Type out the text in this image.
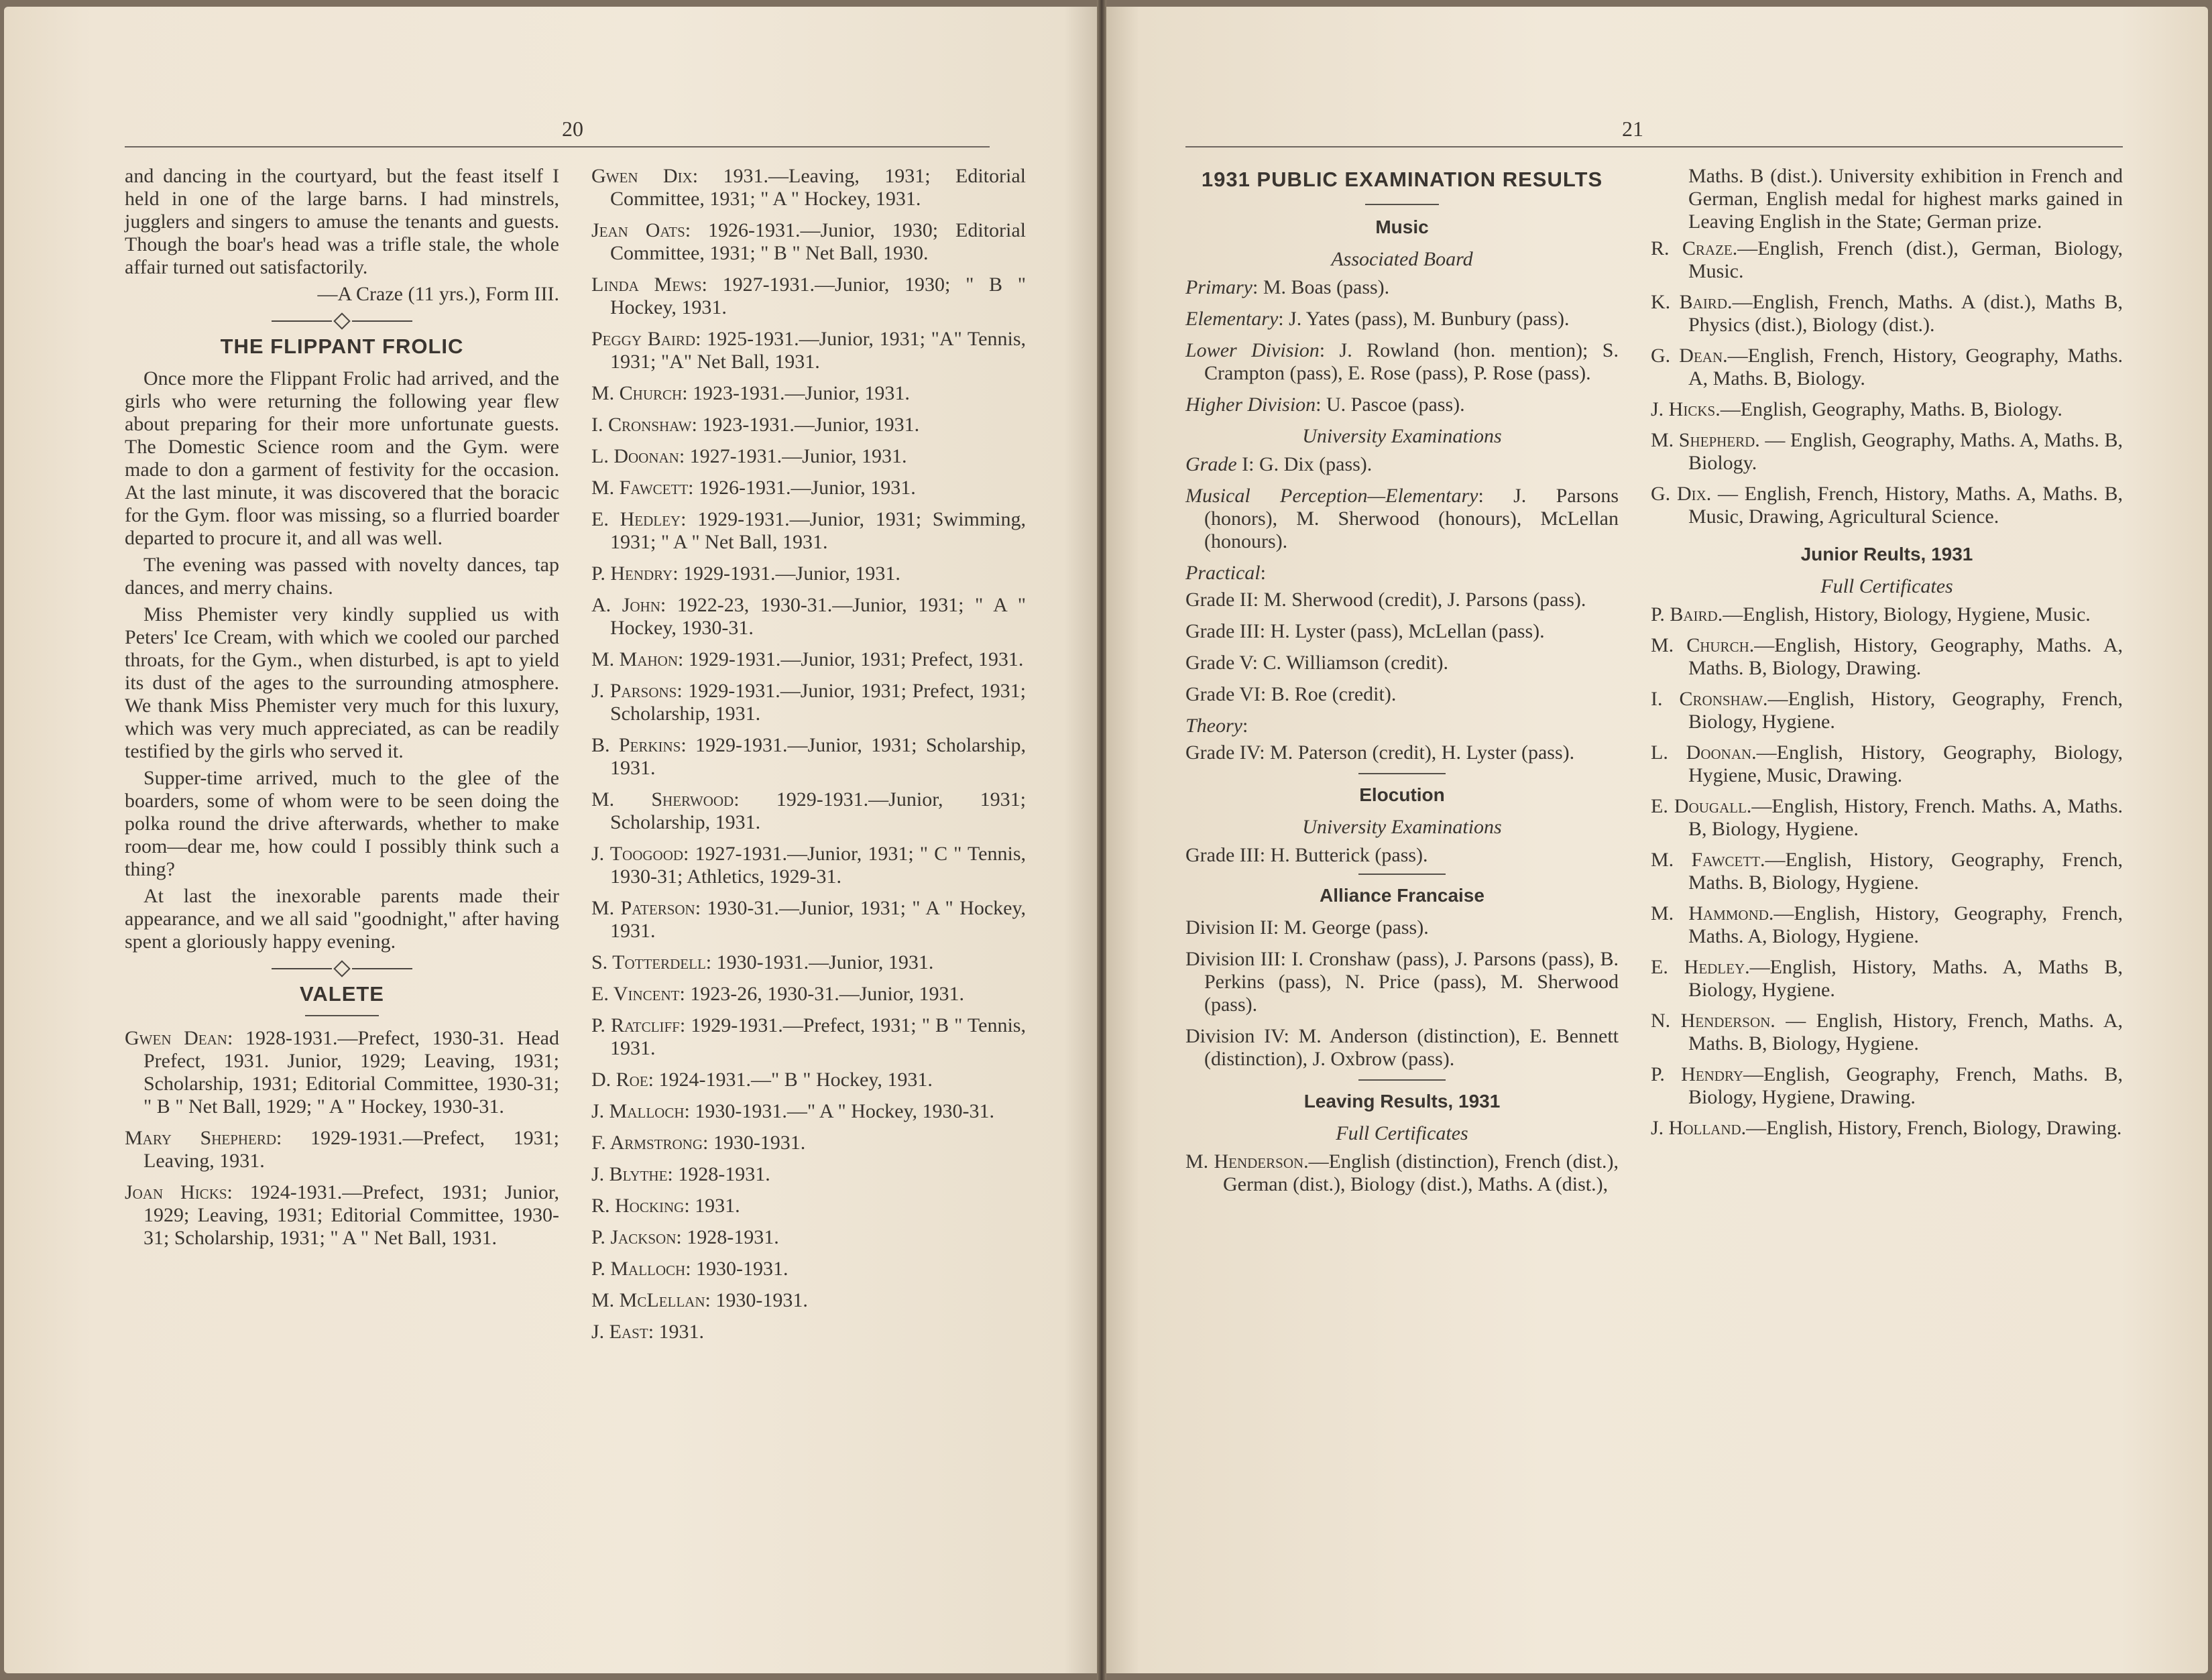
20

and dancing in the courtyard, but the feast itself I held in one of the large barns. I had minstrels, jugglers and singers to amuse the tenants and guests. Though the boar's head was a trifle stale, the whole affair turned out satisfactorily.

—A Craze (11 yrs.), Form III.

THE FLIPPANT FROLIC

Once more the Flippant Frolic had arrived, and the girls who were returning the following year flew about preparing for their more unfortunate guests. The Domestic Science room and the Gym. were made to don a garment of festivity for the occasion. At the last minute, it was discovered that the boracic for the Gym. floor was missing, so a flurried boarder departed to procure it, and all was well.

The evening was passed with novelty dances, tap dances, and merry chains.

Miss Phemister very kindly supplied us with Peters' Ice Cream, with which we cooled our parched throats, for the Gym., when disturbed, is apt to yield its dust of the ages to the surrounding atmosphere. We thank Miss Phemister very much for this luxury, which was very much appreciated, as can be readily testified by the girls who served it.

Supper-time arrived, much to the glee of the boarders, some of whom were to be seen doing the polka round the drive afterwards, whether to make room—dear me, how could I possibly think such a thing?

At last the inexorable parents made their appearance, and we all said "goodnight," after having spent a gloriously happy evening.

VALETE

Gwen Dean: 1928-1931.—Prefect, 1930-31. Head Prefect, 1931. Junior, 1929; Leaving, 1931; Scholarship, 1931; Editorial Committee, 1930-31; " B " Net Ball, 1929; " A " Hockey, 1930-31.

Mary Shepherd: 1929-1931.—Prefect, 1931; Leaving, 1931.

Joan Hicks: 1924-1931.—Prefect, 1931; Junior, 1929; Leaving, 1931; Editorial Committee, 1930-31; Scholarship, 1931; " A " Net Ball, 1931.

Gwen Dix: 1931.—Leaving, 1931; Editorial Committee, 1931; " A " Hockey, 1931.

Jean Oats: 1926-1931.—Junior, 1930; Editorial Committee, 1931; " B " Net Ball, 1930.

Linda Mews: 1927-1931.—Junior, 1930; " B " Hockey, 1931.

Peggy Baird: 1925-1931.—Junior, 1931; "A" Tennis, 1931; "A" Net Ball, 1931.

M. Church: 1923-1931.—Junior, 1931.

I. Cronshaw: 1923-1931.—Junior, 1931.

L. Doonan: 1927-1931.—Junior, 1931.

M. Fawcett: 1926-1931.—Junior, 1931.

E. Hedley: 1929-1931.—Junior, 1931; Swimming, 1931; " A " Net Ball, 1931.

P. Hendry: 1929-1931.—Junior, 1931.

A. John: 1922-23, 1930-31.—Junior, 1931; " A " Hockey, 1930-31.

M. Mahon: 1929-1931.—Junior, 1931; Prefect, 1931.

J. Parsons: 1929-1931.—Junior, 1931; Prefect, 1931; Scholarship, 1931.

B. Perkins: 1929-1931.—Junior, 1931; Scholarship, 1931.

M. Sherwood: 1929-1931.—Junior, 1931; Scholarship, 1931.

J. Toogood: 1927-1931.—Junior, 1931; " C " Tennis, 1930-31; Athletics, 1929-31.

M. Paterson: 1930-31.—Junior, 1931; " A " Hockey, 1931.

S. Totterdell: 1930-1931.—Junior, 1931.

E. Vincent: 1923-26, 1930-31.—Junior, 1931.

P. Ratcliff: 1929-1931.—Prefect, 1931; " B " Tennis, 1931.

D. Roe: 1924-1931.—" B " Hockey, 1931.

J. Malloch: 1930-1931.—" A " Hockey, 1930-31.

F. Armstrong: 1930-1931.

J. Blythe: 1928-1931.

R. Hocking: 1931.

P. Jackson: 1928-1931.

P. Malloch: 1930-1931.

M. McLellan: 1930-1931.

J. East: 1931.

21
1931 PUBLIC EXAMINATION RESULTS
Music

Associated Board

Primary: M. Boas (pass).

Elementary: J. Yates (pass), M. Bunbury (pass).

Lower Division: J. Rowland (hon. mention); S. Crampton (pass), E. Rose (pass), P. Rose (pass).

Higher Division: U. Pascoe (pass).

University Examinations

Grade I: G. Dix (pass).

Musical Perception—Elementary: J. Parsons (honors), M. Sherwood (honours), McLellan (honours).

Practical:

Grade II: M. Sherwood (credit), J. Parsons (pass).

Grade III: H. Lyster (pass), McLellan (pass).

Grade V: C. Williamson (credit).

Grade VI: B. Roe (credit).

Theory:

Grade IV: M. Paterson (credit), H. Lyster (pass).

Elocution

University Examinations

Grade III: H. Butterick (pass).

Alliance Francaise

Division II: M. George (pass).

Division III: I. Cronshaw (pass), J. Parsons (pass), B. Perkins (pass), N. Price (pass), M. Sherwood (pass).

Division IV: M. Anderson (distinction), E. Bennett (distinction), J. Oxbrow (pass).

Leaving Results, 1931

Full Certificates

M. Henderson.—English (distinction), French (dist.), German (dist.), Biology (dist.), Maths. A (dist.),

Maths. B (dist.). University exhibition in French and German, English medal for highest marks gained in Leaving English in the State; German prize.

R. Craze.—English, French (dist.), German, Biology, Music.

K. Baird.—English, French, Maths. A (dist.), Maths B, Physics (dist.), Biology (dist.).

G. Dean.—English, French, History, Geography, Maths. A, Maths. B, Biology.

J. Hicks.—English, Geography, Maths. B, Biology.

M. Shepherd. — English, Geography, Maths. A, Maths. B, Biology.

G. Dix. — English, French, History, Maths. A, Maths. B, Music, Drawing, Agricultural Science.

Junior Reults, 1931

Full Certificates

P. Baird.—English, History, Biology, Hygiene, Music.

M. Church.—English, History, Geography, Maths. A, Maths. B, Biology, Drawing.

I. Cronshaw.—English, History, Geography, French, Biology, Hygiene.

L. Doonan.—English, History, Geography, Biology, Hygiene, Music, Drawing.

E. Dougall.—English, History, French. Maths. A, Maths. B, Biology, Hygiene.

M. Fawcett.—English, History, Geography, French, Maths. B, Biology, Hygiene.

M. Hammond.—English, History, Geography, French, Maths. A, Biology, Hygiene.

E. Hedley.—English, History, Maths. A, Maths B, Biology, Hygiene.

N. Henderson. — English, History, French, Maths. A, Maths. B, Biology, Hygiene.

P. Hendry—English, Geography, French, Maths. B, Biology, Hygiene, Drawing.

J. Holland.—English, History, French, Biology, Drawing.
